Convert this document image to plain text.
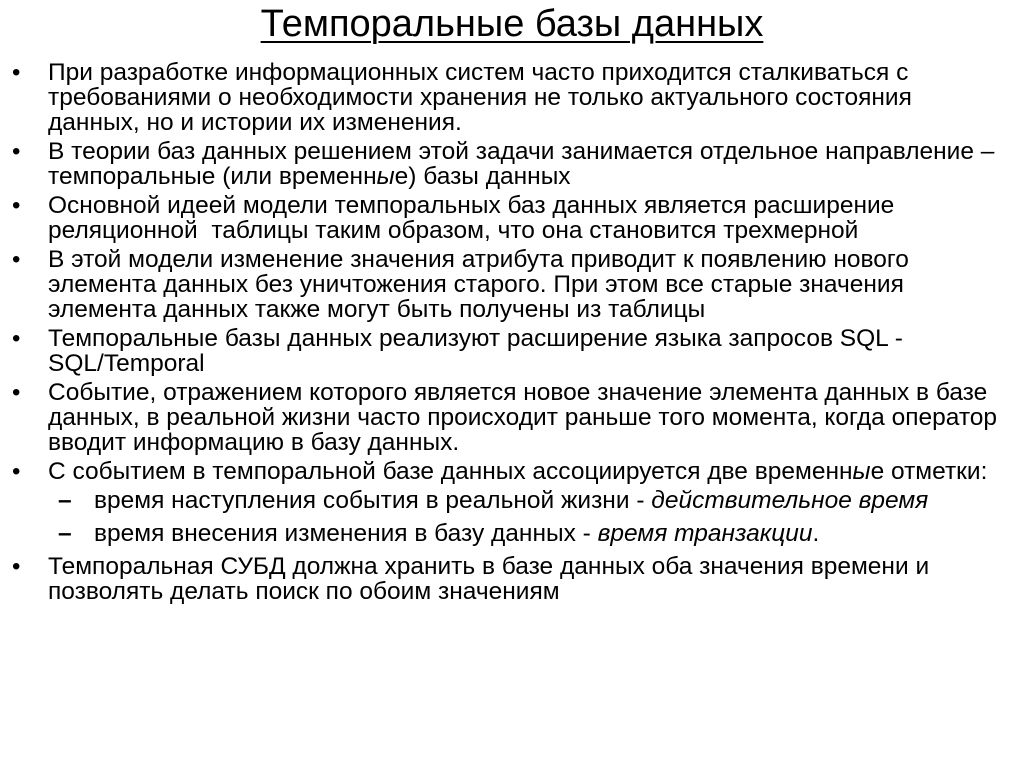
Темпоральные базы данных
• При разработке информационных систем часто приходится сталкиваться с требованиями о необходимости хранения не только актуального состояния данных, но и истории их изменения.
• В теории баз данных решением этой задачи занимается отдельное направление – темпоральные (или временные) базы данных
• Основной идеей модели темпоральных баз данных является расширение реляционной  таблицы таким образом, что она становится трехмерной
• В этой модели изменение значения атрибута приводит к появлению нового элемента данных без уничтожения старого. При этом все старые значения элемента данных также могут быть получены из таблицы
• Темпоральные базы данных реализуют расширение языка запросов SQL - SQL/Temporal
• Событие, отражением которого является новое значение элемента данных в базе данных, в реальной жизни часто происходит раньше того момента, когда оператор вводит информацию в базу данных.
• С событием в темпоральной базе данных ассоциируется две временные отметки:
– время наступления события в реальной жизни - действительное время
– время внесения изменения в базу данных - время транзакции.
• Темпоральная СУБД должна хранить в базе данных оба значения времени и позволять делать поиск по обоим значениям
